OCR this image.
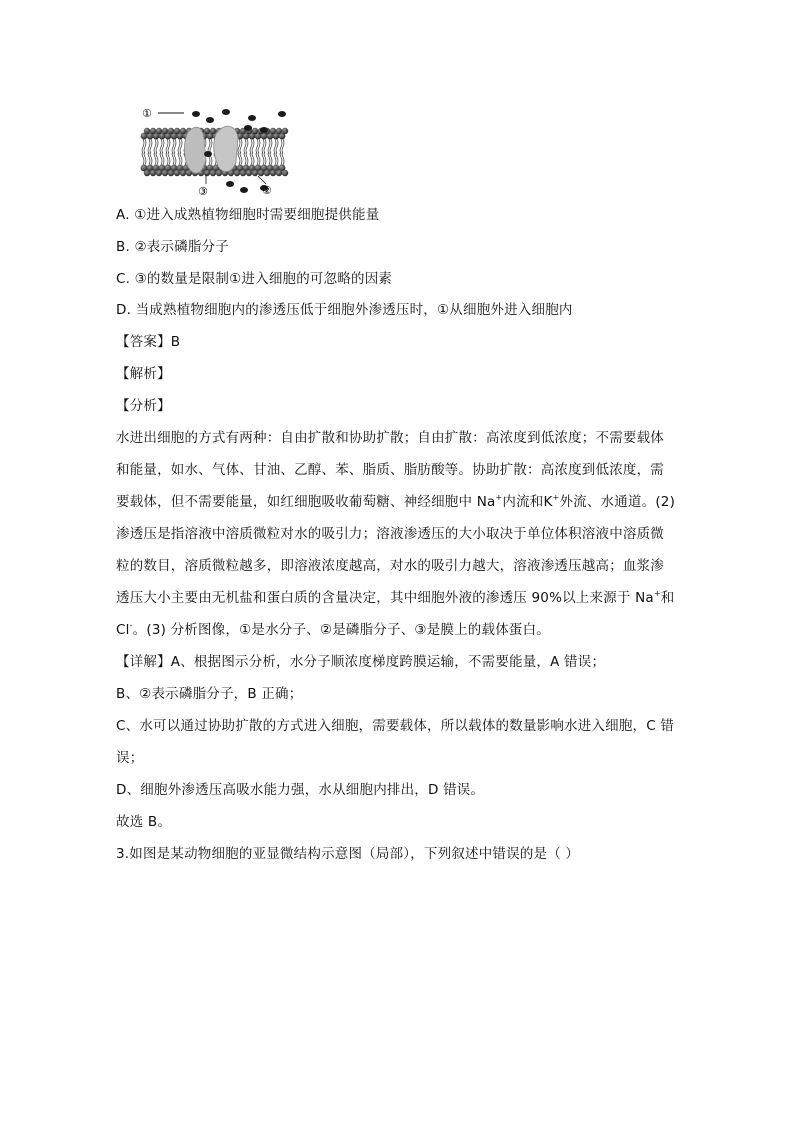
①
②
③
A. ①进入成熟植物细胞时需要细胞提供能量
B. ②表示磷脂分子
C. ③的数量是限制①进入细胞的可忽略的因素
D. 当成熟植物细胞内的渗透压低于细胞外渗透压时，①从细胞外进入细胞内
【答案】B
【解析】
【分析】
水进出细胞的方式有两种：自由扩散和协助扩散；自由扩散：高浓度到低浓度；不需要载体
和能量，如水、气体、甘油、乙醇、苯、脂质、脂肪酸等。协助扩散：高浓度到低浓度，需
要载体，但不需要能量，如红细胞吸收葡萄糖、神经细胞中 Na+内流和K+外流、水通道。(2)
渗透压是指溶液中溶质微粒对水的吸引力；溶液渗透压的大小取决于单位体积溶液中溶质微
粒的数目，溶质微粒越多，即溶液浓度越高，对水的吸引力越大，溶液渗透压越高；血浆渗
透压大小主要由无机盐和蛋白质的含量决定，其中细胞外液的渗透压 90%以上来源于 Na+和
Cl-。(3) 分析图像，①是水分子、②是磷脂分子、③是膜上的载体蛋白。
【详解】A、根据图示分析，水分子顺浓度梯度跨膜运输，不需要能量，A 错误；
B、②表示磷脂分子，B 正确；
C、水可以通过协助扩散的方式进入细胞，需要载体，所以载体的数量影响水进入细胞，C 错
误；
D、细胞外渗透压高吸水能力强，水从细胞内排出，D 错误。
故选 B。
3.如图是某动物细胞的亚显微结构示意图（局部），下列叙述中错误的是（ ）
